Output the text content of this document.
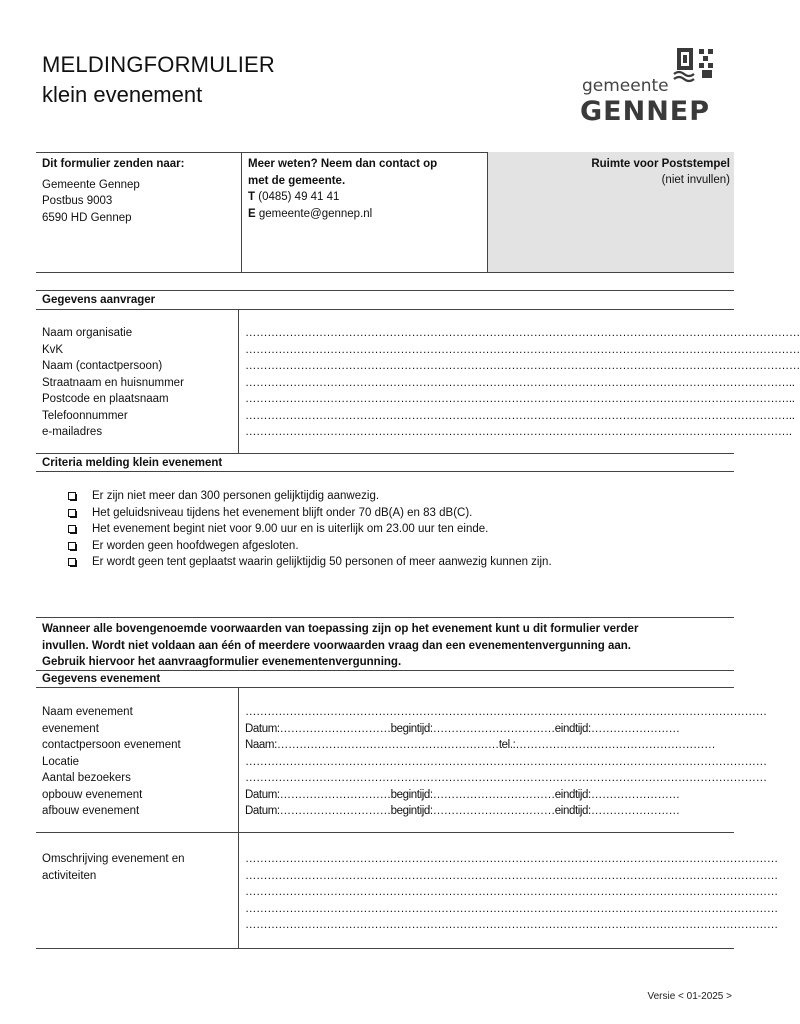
MELDINGFORMULIER
klein evenement	gemeente
GENNEP
Dit formulier zenden naar:
Gemeente Gennep
Postbus 9003
6590 HD Gennep
Meer weten? Neem dan contact op
met de gemeente.
T (0485) 49 41 41
E gemeente@gennep.nl
Ruimte voor Poststempel
(niet invullen)
Gegevens aanvrager
Naam organisatie
KvK
Naam (contactpersoon)
Straatnaam en huisnummer
Postcode en plaatsnaam
Telefoonnummer
e-mailadres
……………………………………………………………………………………………………………………………………
……………………………………………………………………………………………………………………………………
……………………………………………………………………………………………………………………………………
…………………………………………………………………………………………………………………………………..
…………………………………………………………………………………………………………………………………..
…………………………………………………………………………………………………………………………………..
………………………………………………………………………………………………………………………………….
Criteria melding klein evenement
Er zijn niet meer dan 300 personen gelijktijdig aanwezig.
Het geluidsniveau tijdens het evenement blijft onder 70 dB(A) en 83 dB(C).
Het evenement begint niet voor 9.00 uur en is uiterlijk om 23.00 uur ten einde.
Er worden geen hoofdwegen afgesloten.
Er wordt geen tent geplaatst waarin gelijktijdig 50 personen of meer aanwezig kunnen zijn.
Wanneer alle bovengenoemde voorwaarden van toepassing zijn op het evenement kunt u dit formulier verder
invullen. Wordt niet voldaan aan één of meerdere voorwaarden vraag dan een evenementenvergunning aan.
Gebruik hiervoor het aanvraagformulier evenementenvergunning.
Gegevens evenement
Naam evenement
evenement
contactpersoon evenement
Locatie
Aantal bezoekers
opbouw evenement
afbouw evenement
……………………………………………………………………………………………………………………………
Datum:…………………………begintijd:……………………………eindtijd:……………………
Naam:……………………………………………………tel.:………………………………………………
……………………………………………………………………………………………………………………………
……………………………………………………………………………………………………………………………
Datum:…………………………begintijd:……………………………eindtijd:……………………
Datum:…………………………begintijd:……………………………eindtijd:……………………
Omschrijving evenement en
activiteiten
………………………………………………………………………………………………………………………………
………………………………………………………………………………………………………………………………
………………………………………………………………………………………………………………………………
………………………………………………………………………………………………………………………………
………………………………………………………………………………………………………………………………
Versie < 01-2025 >
